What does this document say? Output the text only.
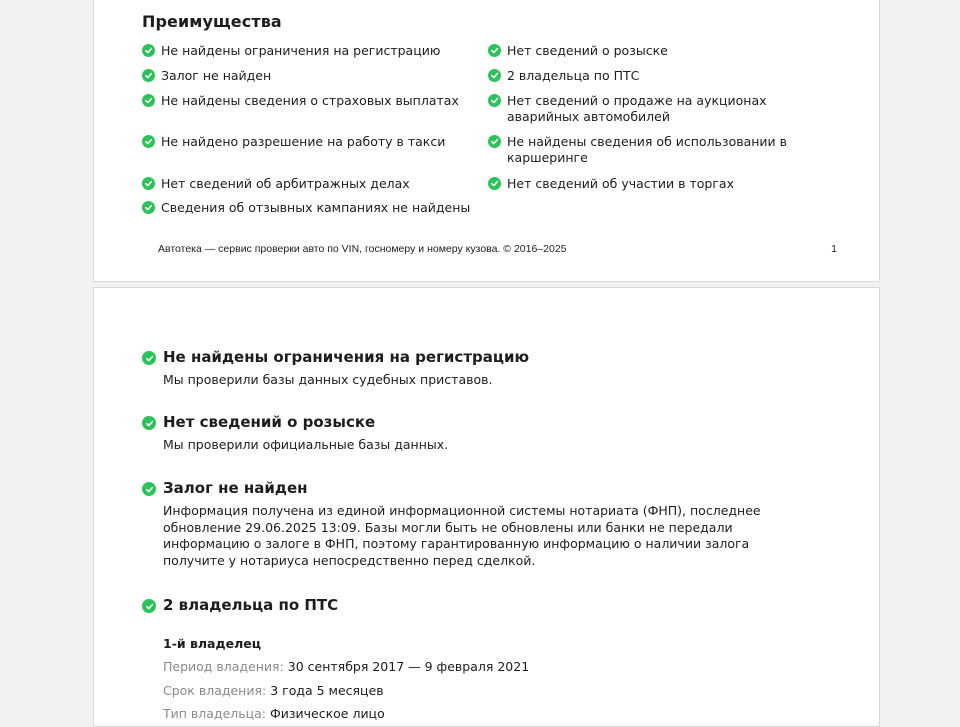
Преимущества
Не найдены ограничения на регистрацию
Залог не найден
Не найдены сведения о страховых выплатах
Не найдено разрешение на работу в такси
Нет сведений об арбитражных делах
Сведения об отзывных кампаниях не найдены
Нет сведений о розыске
2 владельца по ПТС
Нет сведений о продаже на аукционах аварийных автомобилей
Не найдены сведения об использовании в каршеринге
Нет сведений об участии в торгах
Автотека — сервис проверки авто по VIN, госномеру и номеру кузова. © 2016–2025	1
Не найдены ограничения на регистрацию
Мы проверили базы данных судебных приставов.
Нет сведений о розыске
Мы проверили официальные базы данных.
Залог не найден
Информация получена из единой информационной системы нотариата (ФНП), последнее обновление 29.06.2025 13:09. Базы могли быть не обновлены или банки не передали информацию о залоге в ФНП, поэтому гарантированную информацию о наличии залога получите у нотариуса непосредственно перед сделкой.
2 владельца по ПТС
1-й владелец
Период владения: 30 сентября 2017 — 9 февраля 2021
Срок владения: 3 года 5 месяцев
Тип владельца: Физическое лицо
